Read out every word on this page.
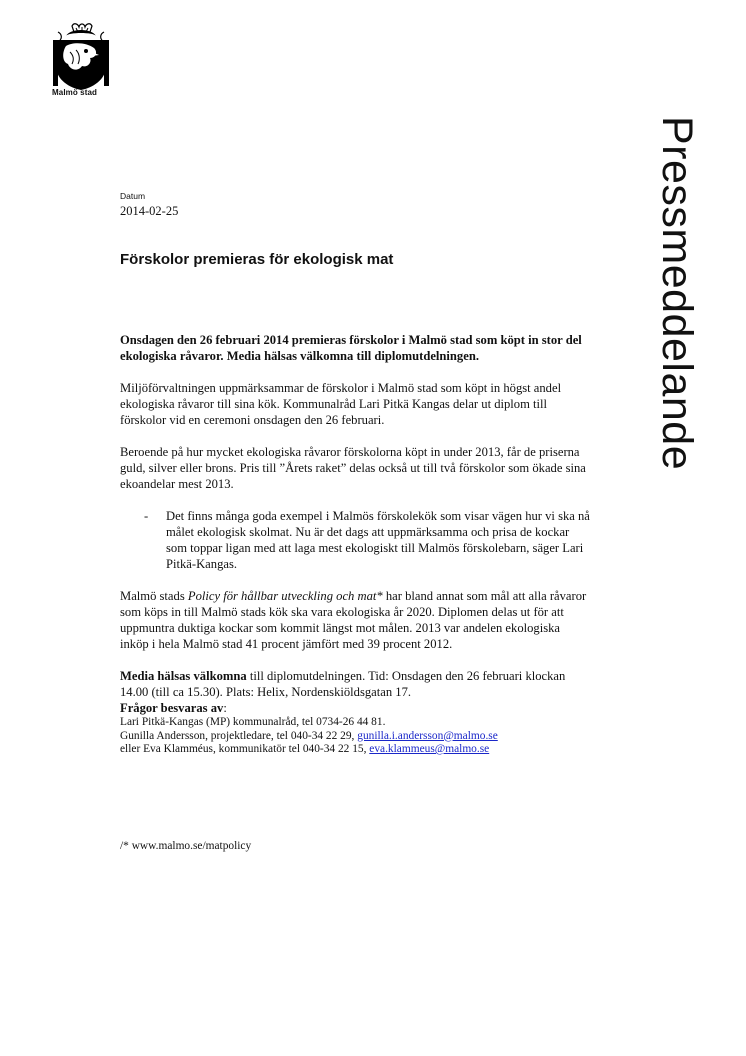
Malmö stad
Pressmeddelande
Datum
2014-02-25
Förskolor premieras för ekologisk mat

Onsdagen den 26 februari 2014 premieras förskolor i Malmö stad som köpt in stor del ekologiska råvaror. Media hälsas välkomna till diplomutdelningen.

Miljöförvaltningen uppmärksammar de förskolor i Malmö stad som köpt in högst andel ekologiska råvaror till sina kök. Kommunalråd Lari Pitkä Kangas delar ut diplom till förskolor vid en ceremoni onsdagen den 26 februari.

Beroende på hur mycket ekologiska råvaror förskolorna köpt in under 2013, får de priserna guld, silver eller brons. Pris till ”Årets raket” delas också ut till två förskolor som ökade sina ekoandelar mest 2013.

- Det finns många goda exempel i Malmös förskolekök som visar vägen hur vi ska nå målet ekologisk skolmat. Nu är det dags att uppmärksamma och prisa de kockar som toppar ligan med att laga mest ekologiskt till Malmös förskolebarn, säger Lari Pitkä-Kangas.

Malmö stads Policy för hållbar utveckling och mat* har bland annat som mål att alla råvaror som köps in till Malmö stads kök ska vara ekologiska år 2020. Diplomen delas ut för att uppmuntra duktiga kockar som kommit längst mot målen. 2013 var andelen ekologiska inköp i hela Malmö stad 41 procent jämfört med 39 procent 2012.

Media hälsas välkomna till diplomutdelningen. Tid: Onsdagen den 26 februari klockan 14.00 (till ca 15.30). Plats: Helix, Nordenskiöldsgatan 17.

Frågor besvaras av:
Lari Pitkä-Kangas (MP) kommunalråd, tel 0734-26 44 81.
Gunilla Andersson, projektledare, tel 040-34 22 29, gunilla.i.andersson@malmo.se
eller Eva Klamméus, kommunikatör tel 040-34 22 15, eva.klammeus@malmo.se
/* www.malmo.se/matpolicy
